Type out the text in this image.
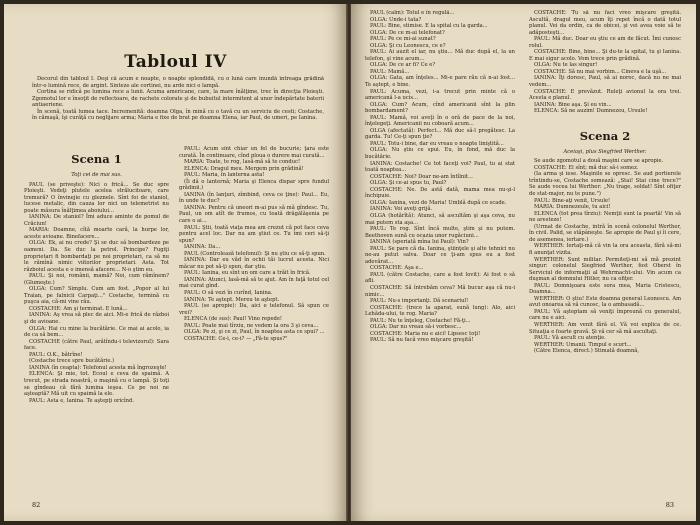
Tabloul IV

Decorul din tabloul I. Deşi că acum e noapte, o noapte splendidă, cu o lună care inundă întreaga grădină într-o lumină rece, de argint. Sinteze ale cortinei, nu arde nici o lampă.

Cortina se ridică pe lumina rece a lunii. Acuma americane, care, la mare înălţime, trec în direcţia Ploieşti. Zgomotul lor e însoţit de reflectoare, de rachete colorate şi de bubuitul intermitent al unor îndepărtate baterii antiaeriene.

În scenă, toată lumea tace. Incremenită: doamna Olga, în mină cu o tavă cu un serviciu de cesti; Costache, în cămaşă, îşi curăţă cu neglijare arma; Maria e fixe de brat pe doamna Elena, iar Paul, de umeri, pe Ianina.

Scena 1

Toţi cei de mai sus.

PAUL (se priveşte): Nici o frică… Se duc spre Ploieşti. Vedeţi plutele acelea strălucitoare, care tremură? O învinejie cu gleznele. Sînt foi de staniol, lucese metalic, din cauza lor nici un telemetrist nu poate măsura înălţimea aboiului...

IANINA: De staniol? Îmi aduce aminte de pomul de Crăciun!

MARIA: Doamne, cîtă moarte cară, la hurpe lor, aceste avioane. Binefacere...

OLGA: Ek, ai nu crede? Şi se duc să bombardeze pe oameni. Da. Se duc la petrol. Principe? Fugiţi proprietari fi bombardaţi pe noi proprietari, ca să nu le rămînă nimic viitorilor proprietari. Asta. Tot războiul acesta e o imensă afacere... N-o ştim eu.

PAUL: Şi noi, românii, mamă? Noi, cum rămînem? (Glumeşte.)

OLGA: Cum? Simplu. Cum am fost. „Popor al lui Traian, pe falnicii Carpaţi..." Costache, termină cu puşca aia, că-mi vine rău.

COSTACHE: Am şi terminat. E lună...

IANINA: Aş vrea să plec de aici. Mi-e frică de război şi de avioane.

OLGA: Hai cu mine la bucătărie. Ce mai ai acolo, ia de ca să bem...

COSTACHE (către Paul, arătîndu-i televizorul): Sara face.

PAUL: O.K., bătrîne!

(Costache trece spre bucătărie.)

IANINA (în ceapta): Telefonul acesta mă îngrozeşte!

ELENCA: Şi mie, tot. Ecoul e ceva de spaimă. A trecut, pe strada noastră, o maşină cu o lampă. Şi toţi se gîndeau că fără lumina ieşea. Ce pe noi ne aşteaptă? Mă uit cu spaimă la ele.

PAUL: Asta e, Ianina. Te aştepţi oricînd.

PAUL: Acum sînt chiar un fel de bucurie; ţara este curată. În continuare, cînd ploua o durere mai curată...

MARIA: Toate, te rog, lasă-mă să te conduc!

ELENCA: Dragul meu. Mergem prin grădină!

PAUL: Maria, în lanterna asta!

(Îi dă o lanternă; Maria şi Elenca dispar spre fundul grădinii.)

IANINA (în lanţuri, zîmbind, ceva ce ţine): Paul... Eu, în unde te duc?

IANINA: Pentru că uneori m-ai pus să mă gîndesc. Tu, Paul, un om atît de frumos, cu toată drăgălăşenia pe care o ai...

PAUL: Ştii, toată viaţa mea am crezut că pot face ceva pentru acel loc. Dar nu am ştiut ce. Tu îmi ceri să-ţi spun?

IANINA: Da...

PAUL (Controlează telefonul): Şi nu ştiu ce să-ţi spun.

IANINA: Dar eu văd în ochii tăi lucrul acesta. Nici măcar nu pot să-ţi spun, dar ştiu.

PAUL: Ianina, eu sînt un om care a trăit în frică.

IANINA: Atunci, lasă-mă să te ajut. Am în faţă totul cel mai curat gînd.

PAUL: O să vezi în curînd, Ianina.

IANINA: Te aştept. Mereu te aştept.

PAUL (se apropie): Da, aici e telefonul. Să spun ce vrei?

ELENCA (de sus): Paul! Vino repede!

PAUL: Poate mai tîrziu, ne vedem la ora 3 şi ceva...

OLGA: Pe zi, şi ce zi, Paul, în noaptea asta ce spui? ...

COSTACHE: Ce-i, ce-i? — „Fă-te spus?"

82

PAUL (calm): Totul e în regulă...

OLGA: Unde-i tata?

PAUL: Bine, stimise. E la spital cu la garda...

OLGA: De ce m-ai telefonat?

PAUL: Pe ce mi-ai sunat?

OLGA: Şi cu Leonescu, ce e?

PAUL: Ai auzit el iar, nu ştiu... Mă duc după el, la un telefon, şi vine acum...

OLGA: De ce ar fi? Ce e?

PAUL: Mamă...

OLGA: Gata, am înţeles... Mi-e pare rău că n-ai fost... Te aştept, e bine.

PAUL: Acuma, vezi, i-a trecut prin minte că o americană l-a ucis...

OLGA: Cum? Acum, cînd americanii sînt la plin bombardament?

PAUL: Mamă, voi aveţi în o oră de pace de la noi, înţelegeţi. Americanii nu coboară acum...

OLGA (afectată): Perfect... Mă duc să-l pregătesc. La garda. Tu! Ce-ţi spun ţie?

PAUL: Totu-i bine, dar eu vreau o noapte liniştită...

OLGA: Nu ştiu ce spui. Eu, în fond, mă duc la bucătărie.

IANINA: Costache! Ce tot faceţi voi? Paul, tu ai stat toată noaptea...

COSTACHE: Noi? Doar ne-am întîlnit...

OLGA: Şi ce-ai spus tu, Paul?

COSTACHE: Ne. De astă dată, mama mea nu-şi-l închipuie.

OLGA: Ianina, vezi de Maria! Umblă după ce scade.

IANINA: Voi aveţi grijă.

OLGA (hotărîtă): Atunci, să ascultăm şi aşa ceva, nu mai putem sta aşa...

PAUL: Te rog. Sînt încă multe, ştim şi nu putem. Beethoven sună cu ocazia unor rugăciuni...

IANINA (speriată mîna lui Paul): Vin?

PAUL: Se pare că da. Ianina, ştiinţele şi alte tehnici nu ne-au putut salva. Doar ce ţi-am spus eu a fost adevărat...

COSTACHE: Aşa e...

PAUL (către Costache, care a fost lovit): Ai fost o să afli.

COSTACHE: Să întrebăm ceva? Mă bucur aşa că nu-i nimic...

PAUL: Nu-s importanţi. Dă scenariul!

COSTACHE: (trece la aparat, sună lung): Alo, aici Lehăda-ului, te rog. Maria?

PAUL: Nu te înţeleg, Costache! Fă-ţi...

OLGA: Dar nu vreau să-i vorbesc...

COSTACHE: Maria nu e aici! Lipsesc toţi!

PAUL: Să nu facă vreo mişcare greşită!

COSTACHE: Tu să nu faci vreo mişcare greşită. Ascultă, dragul meu, acum îţi repet încă o dată totul planul. Vei da ordin, ca de obicei, şi vei avea voie să te adăposteşti...

PAUL: Mă duc. Doar eu ştiu ce am de făcut. Îmi cunosc rolul.

COSTACHE: Bine, bine... Şi du-te la spital, tu şi Ianina. E mai sigur acolo. Vom trece prin grădină.

OLGA: Nu te las singur!

COSTACHE: Să nu mai vorbim... Cineva e la uşă...

IANINA: Îţi doresc, Paul, să ai noroc, dacă nu ne mai vedem...

COSTACHE: E prevăzut. Ruleţi avionul la ora trei. Acesta e planul.

IANINA: Bine aşa. Şi eu vin...

ELENCA: Să ne auzim! Dumnezeu, Ursule!

Scena 2

Aceiaşi, plus Siegfried Werther.

Se aude zgomotul a două maşini care se apropie.

COSTACHE: El sînt; mă duc să-i somez.

(Ia arma şi iese. Maşinile se opresc. Se aud portierele trîntindu-se, Costache somează: „Stai! Stai cine trece?" Se aude vocea lui Werther: „Nu trage, soldat! Sînt ofiţer de stat-major, nu te pune.")

PAUL: Bine-aţi venit, Ursule!

MARIA: Dumnezeule, tu aici!

ELENCA (tot prea tîrziu): Nemţii sunt la poartă! Vin să ne aresteze!

(Urmat de Costache, intră în scenă colonelul Werther, în civil. Palid, se stăpâneşte. Se apropie de Paul şi îi cere, de asemenea, iertare.)

WERTHER: Iertaţi-mă că vin la ora aceasta, fără să-mi fi anunţat vizita.

WERTHER: Sunt militar. Permiteţi-mi să mă prezint singur: colonelul Siegfried Werther, fost Oberst în Serviciul de informaţii al Wehrmacht-ului. Vin acum ca duşman al domnului Hitler, nu ca ofiţer.

PAUL: Domnişoara este sora mea, Maria Cristescu, Doamna...

WERTHER: O ştiu! Este doamna general Leonescu. Am avut onoarea să vă cunosc, la o ambasadă...

PAUL: Vă aşteptam să veniţi împreună cu generalul, care nu e aici.

WERTHER: Am venit fără el. Vă voi explica de ce. Situaţia e foarte gravă. Şi vă cer să mă ascultaţi.

PAUL: Vă ascult cu atenţie.

WERTHER: Umanii. Timpul e scurt...

(Către Elenca, direct.) Stimată doamnă,

83
